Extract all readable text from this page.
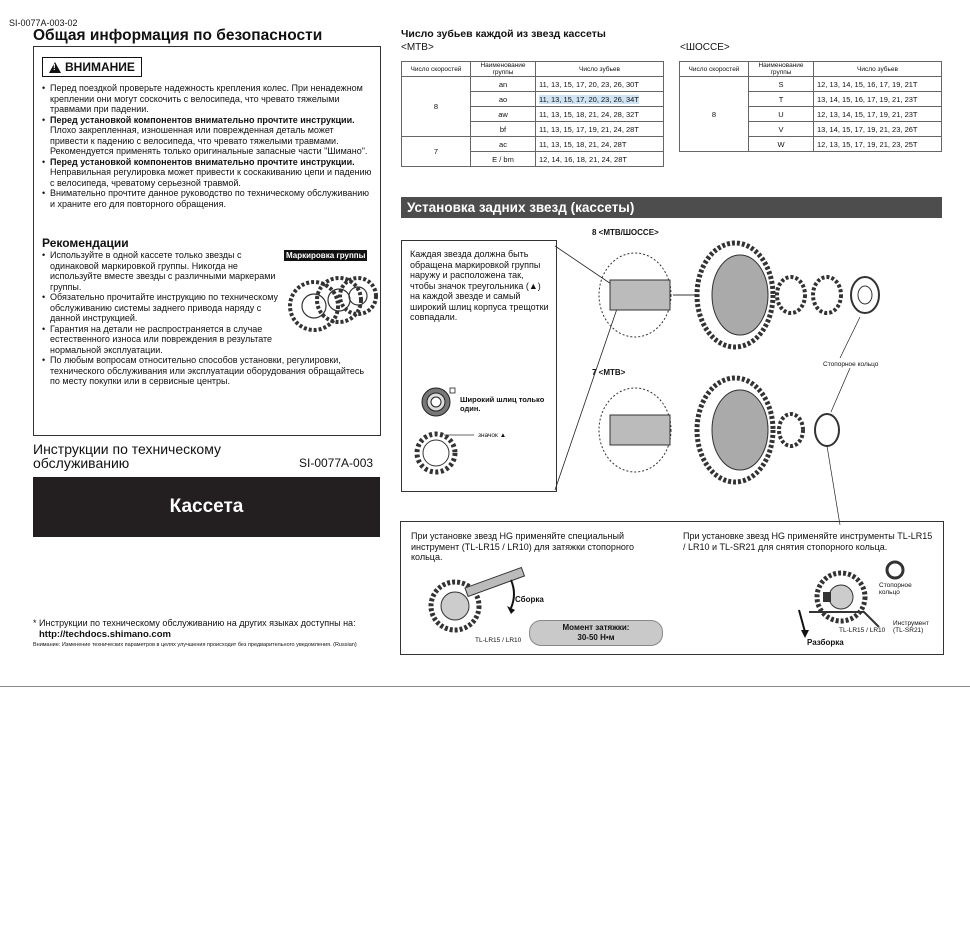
SI-0077A-003-02
Общая информация по безопасности
!
ВНИМАНИЕ
• Перед поездкой проверьте надежность крепления колес. При ненадежном креплении они могут соскочить с велосипеда, что чревато тяжелыми травмами при падении.
• Перед установкой компонентов внимательно прочтите инструкции. Плохо закрепленная, изношенная или поврежденная деталь может привести к падению с велосипеда, что чревато тяжелыми травмами. Рекомендуется применять только оригинальные запасные части "Шимано".
• Перед установкой компонентов внимательно прочтите инструкции. Неправильная регулировка может привести к соскакиванию цепи и падению с велосипеда, чреватому серьезной травмой.
• Внимательно прочтите данное руководство по техническому обслуживанию и храните его для повторного обращения.
Рекомендации
• Используйте в одной кассете только звезды с одинаковой маркировкой группы. Никогда не используйте вместе звезды с различными маркерами группы.
• Обязательно прочитайте инструкцию по техническому обслуживанию системы заднего привода наряду с данной инструкцией.
• Гарантия на детали не распространяется в случае естественного износа или повреждения в результате нормальной эксплуатации.
• По любым вопросам относительно способов установки, регулировки, технического обслуживания или эксплуатации оборудования обращайтесь по месту покупки или в сервисные центры.
Маркировка группы
Инструкции по техническому обслуживанию	SI-0077A-003
Кассета
* Инструкции по техническому обслуживанию на других языках доступны на:
http://techdocs.shimano.com
Внимание: Изменение технических параметров в целях улучшения происходит без предварительного уведомления. (Russian)
Число зубьев каждой из звезд кассеты
<MTB>	<ШОССЕ>
Число скоростей	Наименование группы	Число зубьев
8	an	11, 13, 15, 17, 20, 23, 26, 30T
	ao	11, 13, 15, 17, 20, 23, 26, 34T
	aw	11, 13, 15, 18, 21, 24, 28, 32T
	bf	11, 13, 15, 17, 19, 21, 24, 28T
7	ac	11, 13, 15, 18, 21, 24, 28T
	E / bm	12, 14, 16, 18, 21, 24, 28T
Число скоростей	Наименование группы	Число зубьев
8	S	12, 13, 14, 15, 16, 17, 19, 21T
	T	13, 14, 15, 16, 17, 19, 21, 23T
	U	12, 13, 14, 15, 17, 19, 21, 23T
	V	13, 14, 15, 17, 19, 21, 23, 26T
	W	12, 13, 15, 17, 19, 21, 23, 25T
Установка задних звезд (кассеты)
Каждая звезда должна быть обращена маркировкой группы наружу и расположена так, чтобы значок треугольника (▲) на каждой звезде и самый широкий шлиц корпуса трещотки совпадали.
Широкий шлиц только один.
значок ▲
8 <MTB/ШОССЕ>
7 <MTB>
Стопорное кольцо
При установке звезд HG применяйте специальный инструмент (TL-LR15 / LR10) для затяжки стопорного кольца.
При установке звезд HG применяйте инструменты TL-LR15 / LR10 и TL-SR21 для снятия стопорного кольца.
Сборка
TL-LR15 / LR10
Момент затяжки:
30-50 Н•м
Стопорное кольцо
TL-LR15 / LR10
Инструмент (TL-SR21)
Разборка
